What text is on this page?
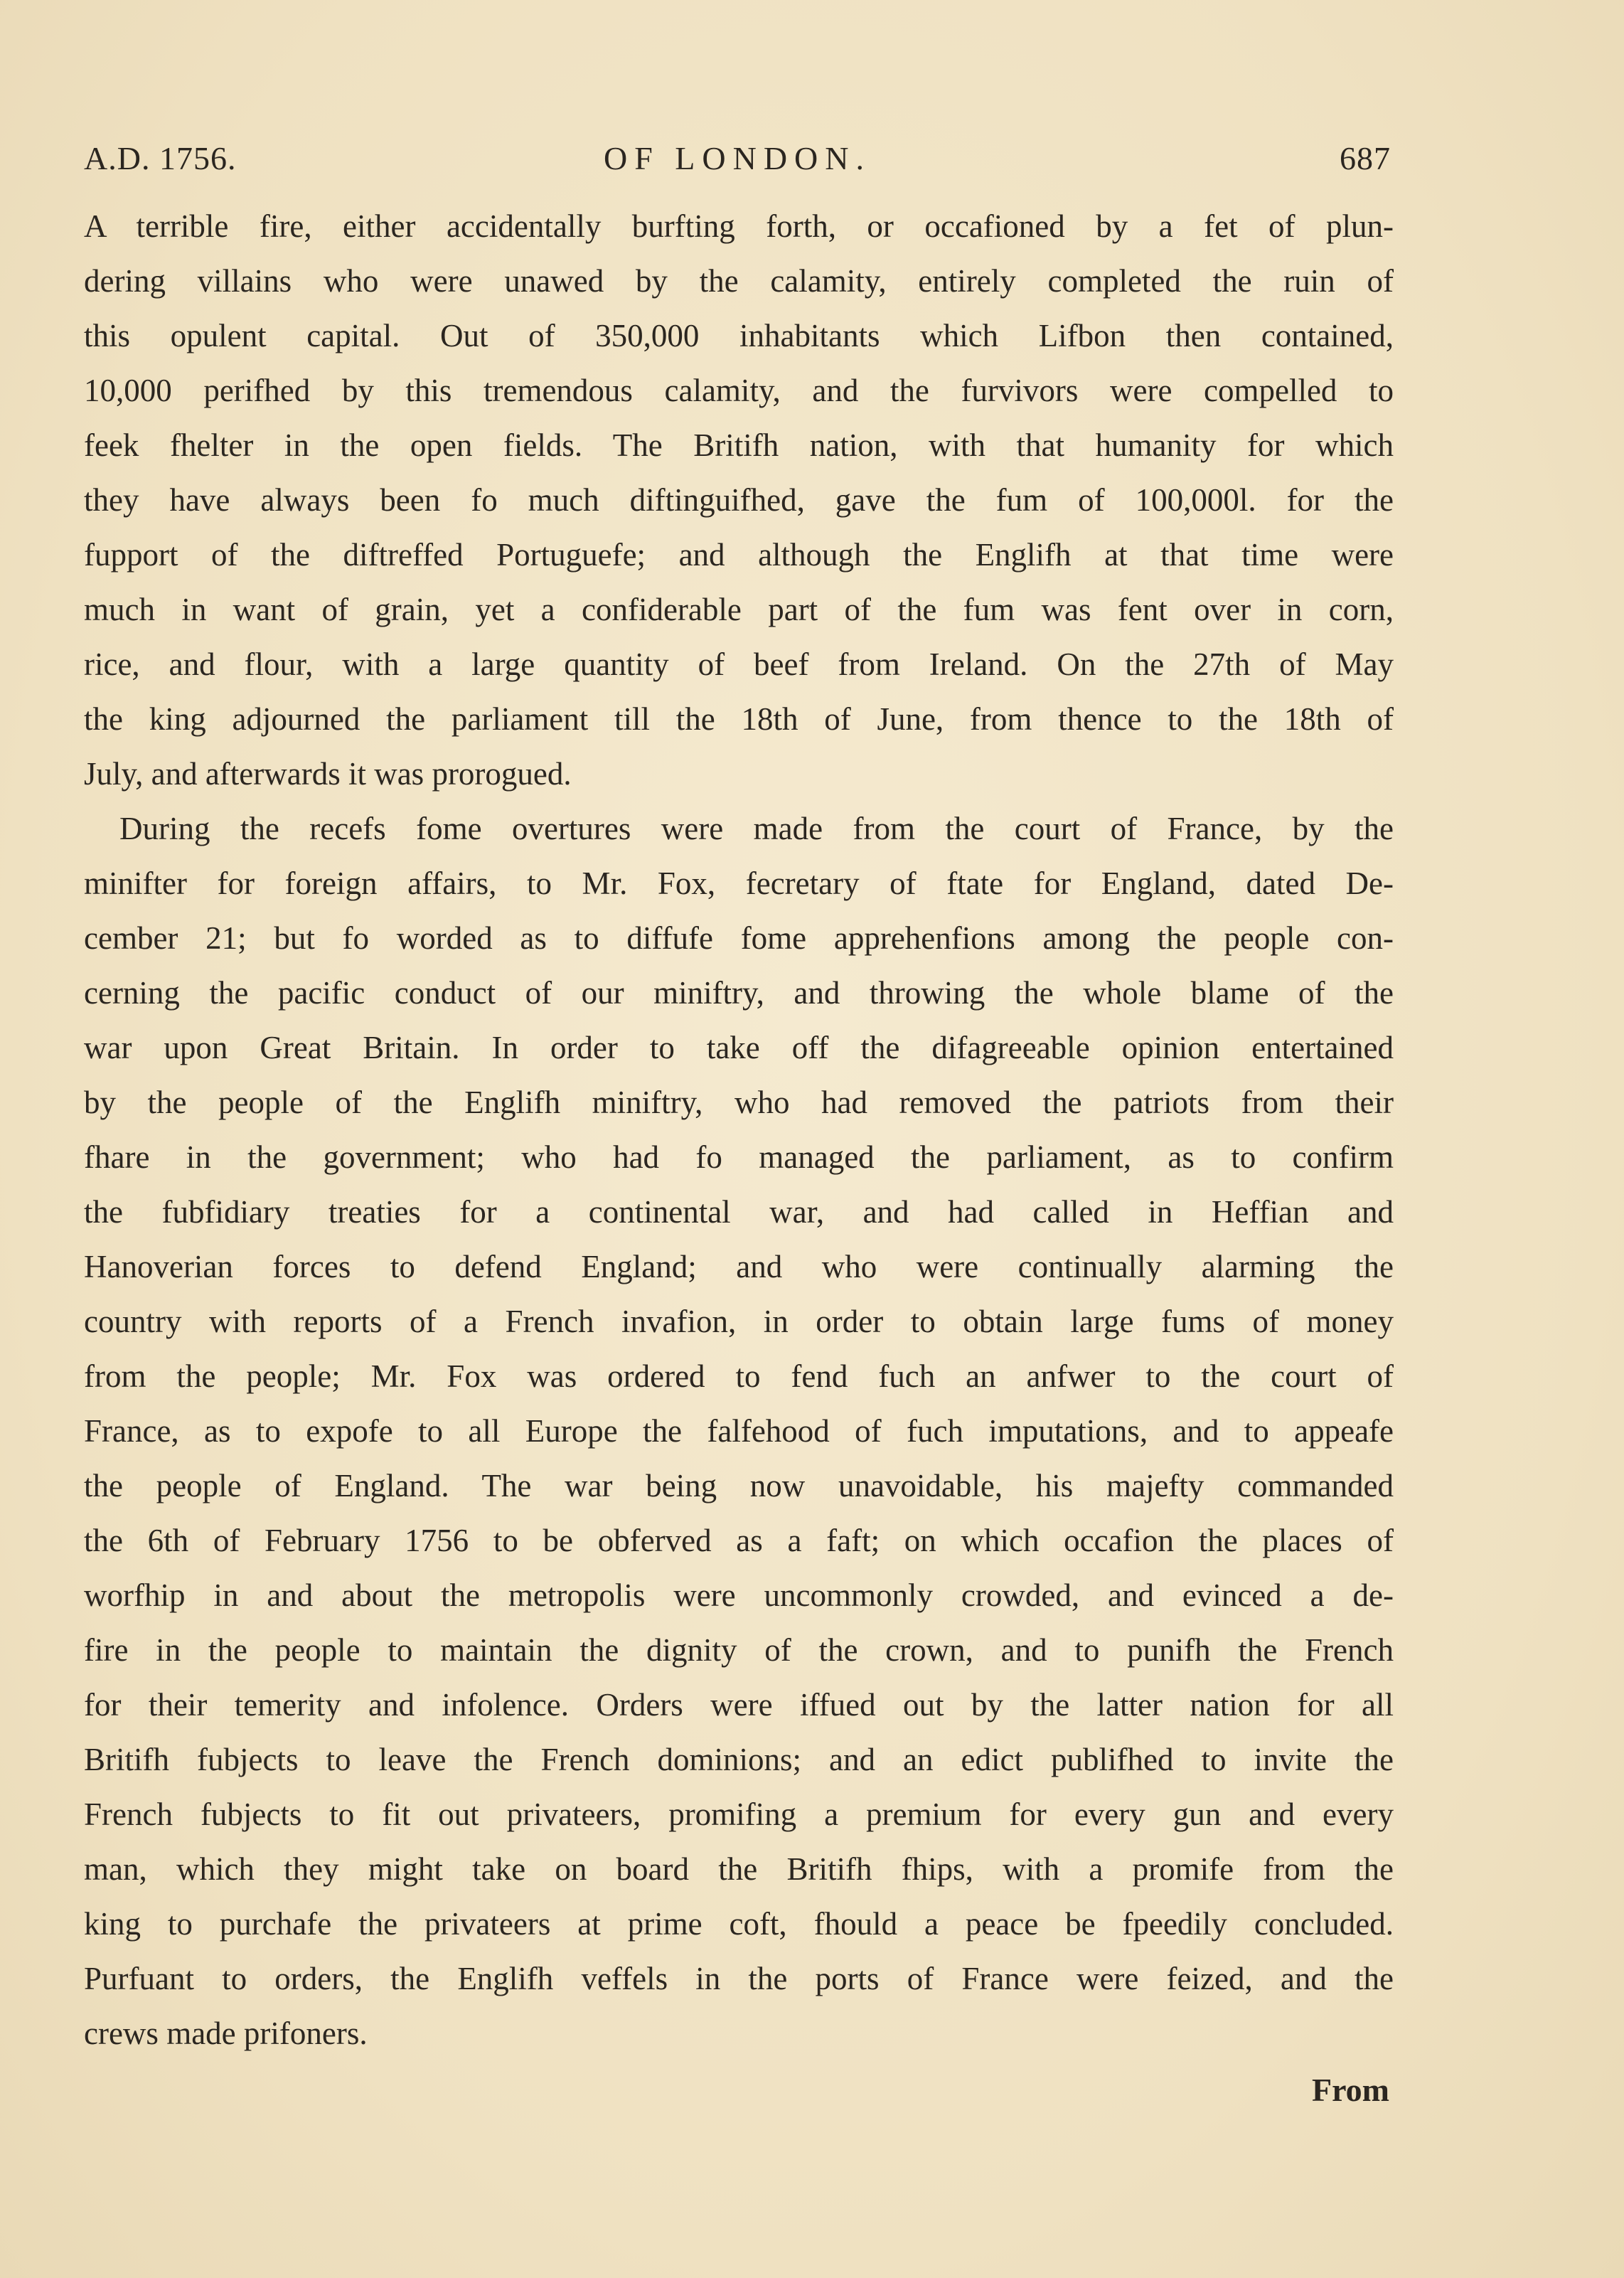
A.D. 1756.	OF LONDON.	687
A terrible fire, either accidentally burfting forth, or occafioned by a fet of plun-
dering villains who were unawed by the calamity, entirely completed the ruin of
this opulent capital. Out of 350,000 inhabitants which Lifbon then contained,
10,000 perifhed by this tremendous calamity, and the furvivors were compelled to
feek fhelter in the open fields. The Britifh nation, with that humanity for which
they have always been fo much diftinguifhed, gave the fum of 100,000l. for the
fupport of the diftreffed Portuguefe; and although the Englifh at that time were
much in want of grain, yet a confiderable part of the fum was fent over in corn,
rice, and flour, with a large quantity of beef from Ireland. On the 27th of May
the king adjourned the parliament till the 18th of June, from thence to the 18th of
July, and afterwards it was prorogued.
During the recefs fome overtures were made from the court of France, by the
minifter for foreign affairs, to Mr. Fox, fecretary of ftate for England, dated De-
cember 21; but fo worded as to diffufe fome apprehenfions among the people con-
cerning the pacific conduct of our miniftry, and throwing the whole blame of the
war upon Great Britain. In order to take off the difagreeable opinion entertained
by the people of the Englifh miniftry, who had removed the patriots from their
fhare in the government; who had fo managed the parliament, as to confirm
the fubfidiary treaties for a continental war, and had called in Heffian and
Hanoverian forces to defend England; and who were continually alarming the
country with reports of a French invafion, in order to obtain large fums of money
from the people; Mr. Fox was ordered to fend fuch an anfwer to the court of
France, as to expofe to all Europe the falfehood of fuch imputations, and to appeafe
the people of England. The war being now unavoidable, his majefty commanded
the 6th of February 1756 to be obferved as a faft; on which occafion the places of
worfhip in and about the metropolis were uncommonly crowded, and evinced a de-
fire in the people to maintain the dignity of the crown, and to punifh the French
for their temerity and infolence. Orders were iffued out by the latter nation for all
Britifh fubjects to leave the French dominions; and an edict publifhed to invite the
French fubjects to fit out privateers, promifing a premium for every gun and every
man, which they might take on board the Britifh fhips, with a promife from the
king to purchafe the privateers at prime coft, fhould a peace be fpeedily concluded.
Purfuant to orders, the Englifh veffels in the ports of France were feized, and the
crews made prifoners.
From
